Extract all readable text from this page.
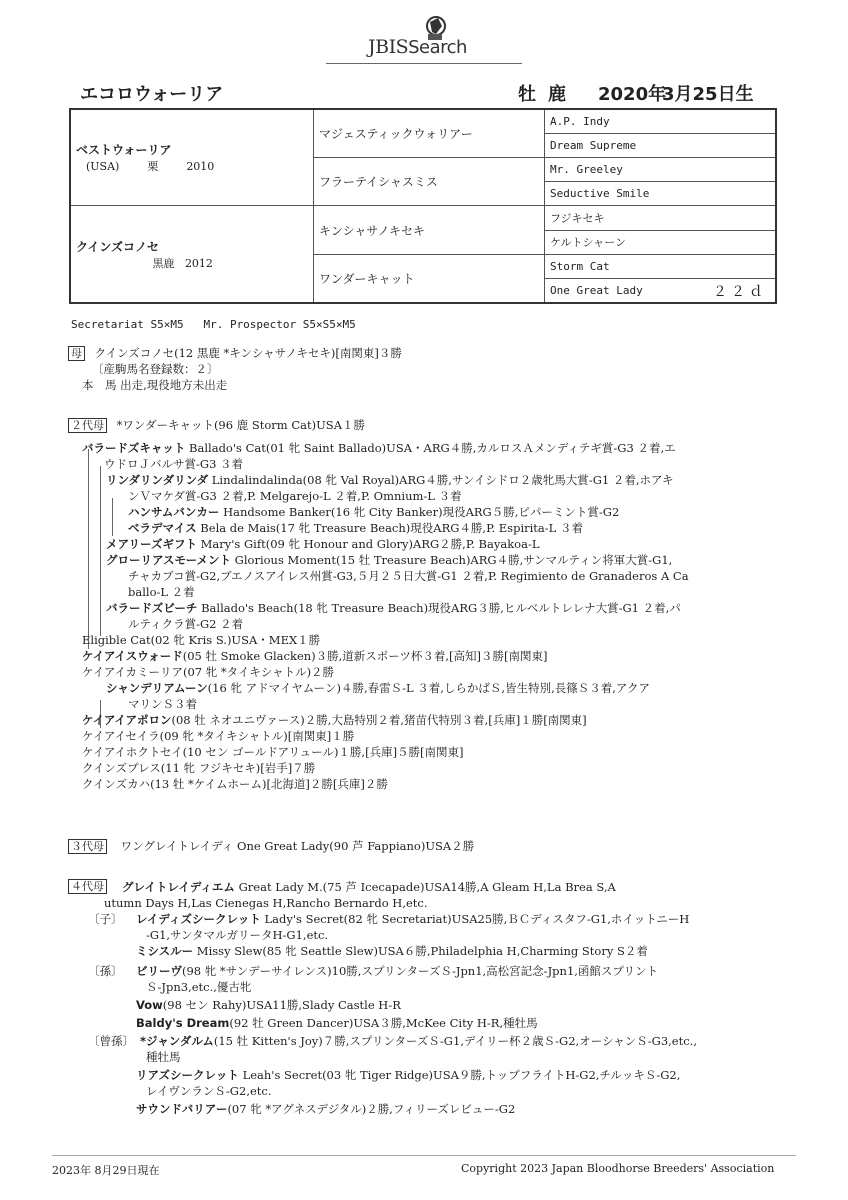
JBISSearch
エコロウォーリア	牡 鹿 2020年
3月25日生
ベストウォーリア
(USA) 栗 2010	マジェスティックウォリアー	A.P. Indy
		Dream Supreme
	フラーテイシャスミス	Mr. Greeley
		Seductive Smile

クインズコノセ
黒鹿 2012	キンシャサノキセキ	フジキセキ
		ケルトシャーン
	ワンダーキャット	Storm Cat
		One Great Lady ２２ｄ
Secretariat S5×M5   Mr. Prospector S5×S5×M5
母 クインズコノセ(12 黒鹿 *キンシャサノキセキ)[南関東]３勝
〔産駒馬名登録数：２〕
本　馬 出走,現役地方未出走
２代母 *ワンダーキャット(96 鹿 Storm Cat)USA１勝
バラードズキャット Ballado's Cat(01 牝 Saint Ballado)USA・ARG４勝,カルロスＡメンディテギ賞-G3 ２着,エ
ウドロＪバルサ賞-G3 ３着
リンダリンダリンダ Lindalindalinda(08 牝 Val Royal)ARG４勝,サンイシドロ２歳牝馬大賞-G1 ２着,ホアキ
ンＶマケダ賞-G3 ２着,P. Melgarejo-L ２着,P. Omnium-L ３着
ハンサムバンカー Handsome Banker(16 牝 City Banker)現役ARG５勝,ピパーミント賞-G2
ベラデマイス Bela de Mais(17 牝 Treasure Beach)現役ARG４勝,P. Espirita-L ３着
メアリーズギフト Mary's Gift(09 牝 Honour and Glory)ARG２勝,P. Bayakoa-L
グローリアスモーメント Glorious Moment(15 牡 Treasure Beach)ARG４勝,サンマルティン将軍大賞-G1,
チャカブコ賞-G2,ブエノスアイレス州賞-G3,５月２５日大賞-G1 ２着,P. Regimiento de Granaderos A Ca
ballo-L ２着
バラードズビーチ Ballado's Beach(18 牝 Treasure Beach)現役ARG３勝,ヒルベルトレレナ大賞-G1 ２着,パ
ルティクラ賞-G2 ２着
Eligible Cat(02 牝 Kris S.)USA・MEX１勝
ケイアイスウォード(05 牡 Smoke Glacken)３勝,道新スポーツ杯３着,[高知]３勝[南関東]
ケイアイカミーリア(07 牝 *タイキシャトル)２勝
シャンデリアムーン(16 牝 アドマイヤムーン)４勝,春雷Ｓ-L ３着,しらかばＳ,皆生特別,長篠Ｓ３着,アクア
マリンＳ３着
ケイアイアポロン(08 牡 ネオユニヴァース)２勝,大島特別２着,猪苗代特別３着,[兵庫]１勝[南関東]
ケイアイセイラ(09 牝 *タイキシャトル)[南関東]１勝
ケイアイホクトセイ(10 セン ゴールドアリュール)１勝,[兵庫]５勝[南関東]
クインズプレス(11 牝 フジキセキ)[岩手]７勝
クインズカハ(13 牡 *ケイムホーム)[北海道]２勝[兵庫]２勝
３代母 ワングレイトレイディ One Great Lady(90 芦 Fappiano)USA２勝
４代母 グレイトレイディエム Great Lady M.(75 芦 Icecapade)USA14勝,A Gleam H,La Brea S,A
utumn Days H,Las Cienegas H,Rancho Bernardo H,etc.
〔子〕 レイディズシークレット Lady's Secret(82 牝 Secretariat)USA25勝,ＢＣディスタフ-G1,ホイットニーH
-G1,サンタマルガリータH-G1,etc.
ミシスルー Missy Slew(85 牝 Seattle Slew)USA６勝,Philadelphia H,Charming Story S２着
〔孫〕 ビリーヴ(98 牝 *サンデーサイレンス)10勝,スプリンターズＳ-Jpn1,高松宮記念-Jpn1,函館スプリント
Ｓ-Jpn3,etc.,優古牝
Vow(98 セン Rahy)USA11勝,Slady Castle H-R
Baldy's Dream(92 牡 Green Dancer)USA３勝,McKee City H-R,種牡馬
〔曾孫〕 *ジャンダルム(15 牡 Kitten's Joy)７勝,スプリンターズＳ-G1,デイリー杯２歳Ｓ-G2,オーシャンＳ-G3,etc.,
種牡馬
リアズシークレット Leah's Secret(03 牝 Tiger Ridge)USA９勝,トップフライトH-G2,チルッキＳ-G2,
レイヴンランＳ-G2,etc.
サウンドバリアー(07 牝 *アグネスデジタル)２勝,フィリーズレビュー-G2
2023年 8月29日現在	Copyright 2023 Japan Bloodhorse Breeders' Association
